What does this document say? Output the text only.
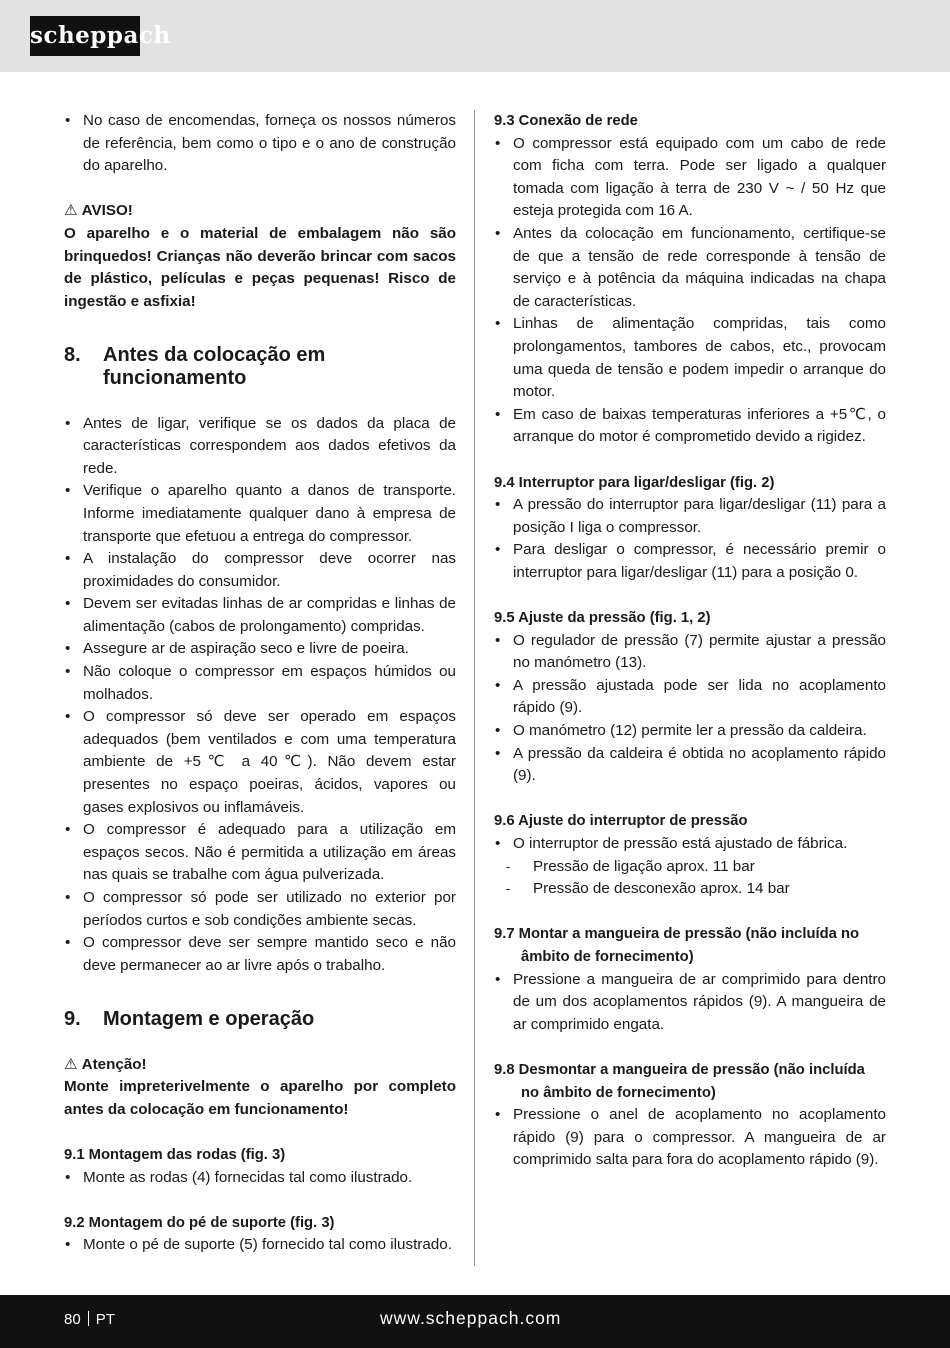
scheppach
• No caso de encomendas, forneça os nossos números de referência, bem como o tipo e o ano de construção do aparelho.
⚠ AVISO!
O aparelho e o material de embalagem não são brinquedos! Crianças não deverão brincar com sacos de plástico, películas e peças pequenas! Risco de ingestão e asfixia!
8.	Antes da colocação em funcionamento
• Antes de ligar, verifique se os dados da placa de características correspondem aos dados efetivos da rede.
• Verifique o aparelho quanto a danos de transporte. Informe imediatamente qualquer dano à empresa de transporte que efetuou a entrega do compressor.
• A instalação do compressor deve ocorrer nas proximidades do consumidor.
• Devem ser evitadas linhas de ar compridas e linhas de alimentação (cabos de prolongamento) compridas.
• Assegure ar de aspiração seco e livre de poeira.
• Não coloque o compressor em espaços húmidos ou molhados.
• O compressor só deve ser operado em espaços adequados (bem ventilados e com uma temperatura ambiente de +5℃ a 40℃). Não devem estar presentes no espaço poeiras, ácidos, vapores ou gases explosivos ou inflamáveis.
• O compressor é adequado para a utilização em espaços secos. Não é permitida a utilização em áreas nas quais se trabalhe com água pulverizada.
• O compressor só pode ser utilizado no exterior por períodos curtos e sob condições ambiente secas.
• O compressor deve ser sempre mantido seco e não deve permanecer ao ar livre após o trabalho.
9.	Montagem e operação
⚠ Atenção!
Monte impreterivelmente o aparelho por completo antes da colocação em funcionamento!
9.1 Montagem das rodas (fig. 3)
• Monte as rodas (4) fornecidas tal como ilustrado.
9.2 Montagem do pé de suporte (fig. 3)
• Monte o pé de suporte (5) fornecido tal como ilustrado.
9.3 Conexão de rede
• O compressor está equipado com um cabo de rede com ficha com terra. Pode ser ligado a qualquer tomada com ligação à terra de 230 V ~ / 50 Hz que esteja protegida com 16 A.
• Antes da colocação em funcionamento, certifique-se de que a tensão de rede corresponde à tensão de serviço e à potência da máquina indicadas na chapa de características.
• Linhas de alimentação compridas, tais como prolongamentos, tambores de cabos, etc., provocam uma queda de tensão e podem impedir o arranque do motor.
• Em caso de baixas temperaturas inferiores a +5℃, o arranque do motor é comprometido devido a rigidez.
9.4 Interruptor para ligar/desligar (fig. 2)
• A pressão do interruptor para ligar/desligar (11) para a posição I liga o compressor.
• Para desligar o compressor, é necessário premir o interruptor para ligar/desligar (11) para a posição 0.
9.5 Ajuste da pressão (fig. 1, 2)
• O regulador de pressão (7) permite ajustar a pressão no manómetro (13).
• A pressão ajustada pode ser lida no acoplamento rápido (9).
• O manómetro (12) permite ler a pressão da caldeira.
• A pressão da caldeira é obtida no acoplamento rápido (9).
9.6 Ajuste do interruptor de pressão
• O interruptor de pressão está ajustado de fábrica.
- Pressão de ligação aprox. 11 bar
- Pressão de desconexão aprox. 14 bar
9.7 Montar a mangueira de pressão (não incluída no âmbito de fornecimento)
• Pressione a mangueira de ar comprimido para dentro de um dos acoplamentos rápidos (9). A mangueira de ar comprimido engata.
9.8 Desmontar a mangueira de pressão (não incluída no âmbito de fornecimento)
• Pressione o anel de acoplamento no acoplamento rápido (9) para o compressor. A mangueira de ar comprimido salta para fora do acoplamento rápido (9).
80 PT	www.scheppach.com
